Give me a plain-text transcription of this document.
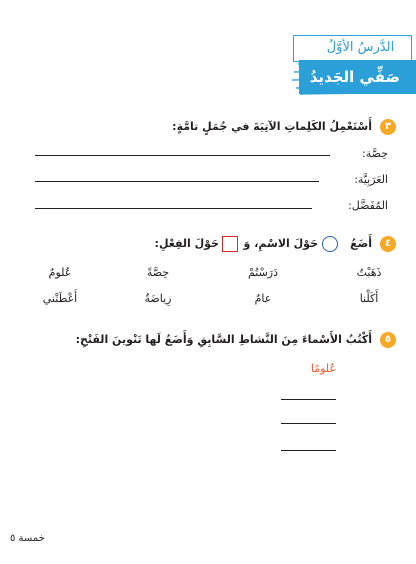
الدَّرسُ الأوَّلُ
صَفِّي الجَديدُ
٣
أَسْتَعْمِلُ الكَلِماتِ الآتِيَةَ في جُمَلٍ تامَّةٍ:
حِصَّة:
العَرَبِيَّة:
المُفَضَّل:
٤
أَضَعُ
حَوْلَ الاسْمِ، وَ
حَوْلَ الفِعْلِ:
ذَهَبْتُ
دَرَسْتُمْ
حِصَّةً
عُلومٌ
أَكَلْنا
عامٌ
رِياضَةٌ
أَعْطَتْني
٥
أَكْتُبُ الأَسْماءَ مِنَ النَّشاطِ السَّابِقِ وَأَضَعُ لَها تَنْوينَ الفَتْحِ:
عُلومًا
خمسة ٥
